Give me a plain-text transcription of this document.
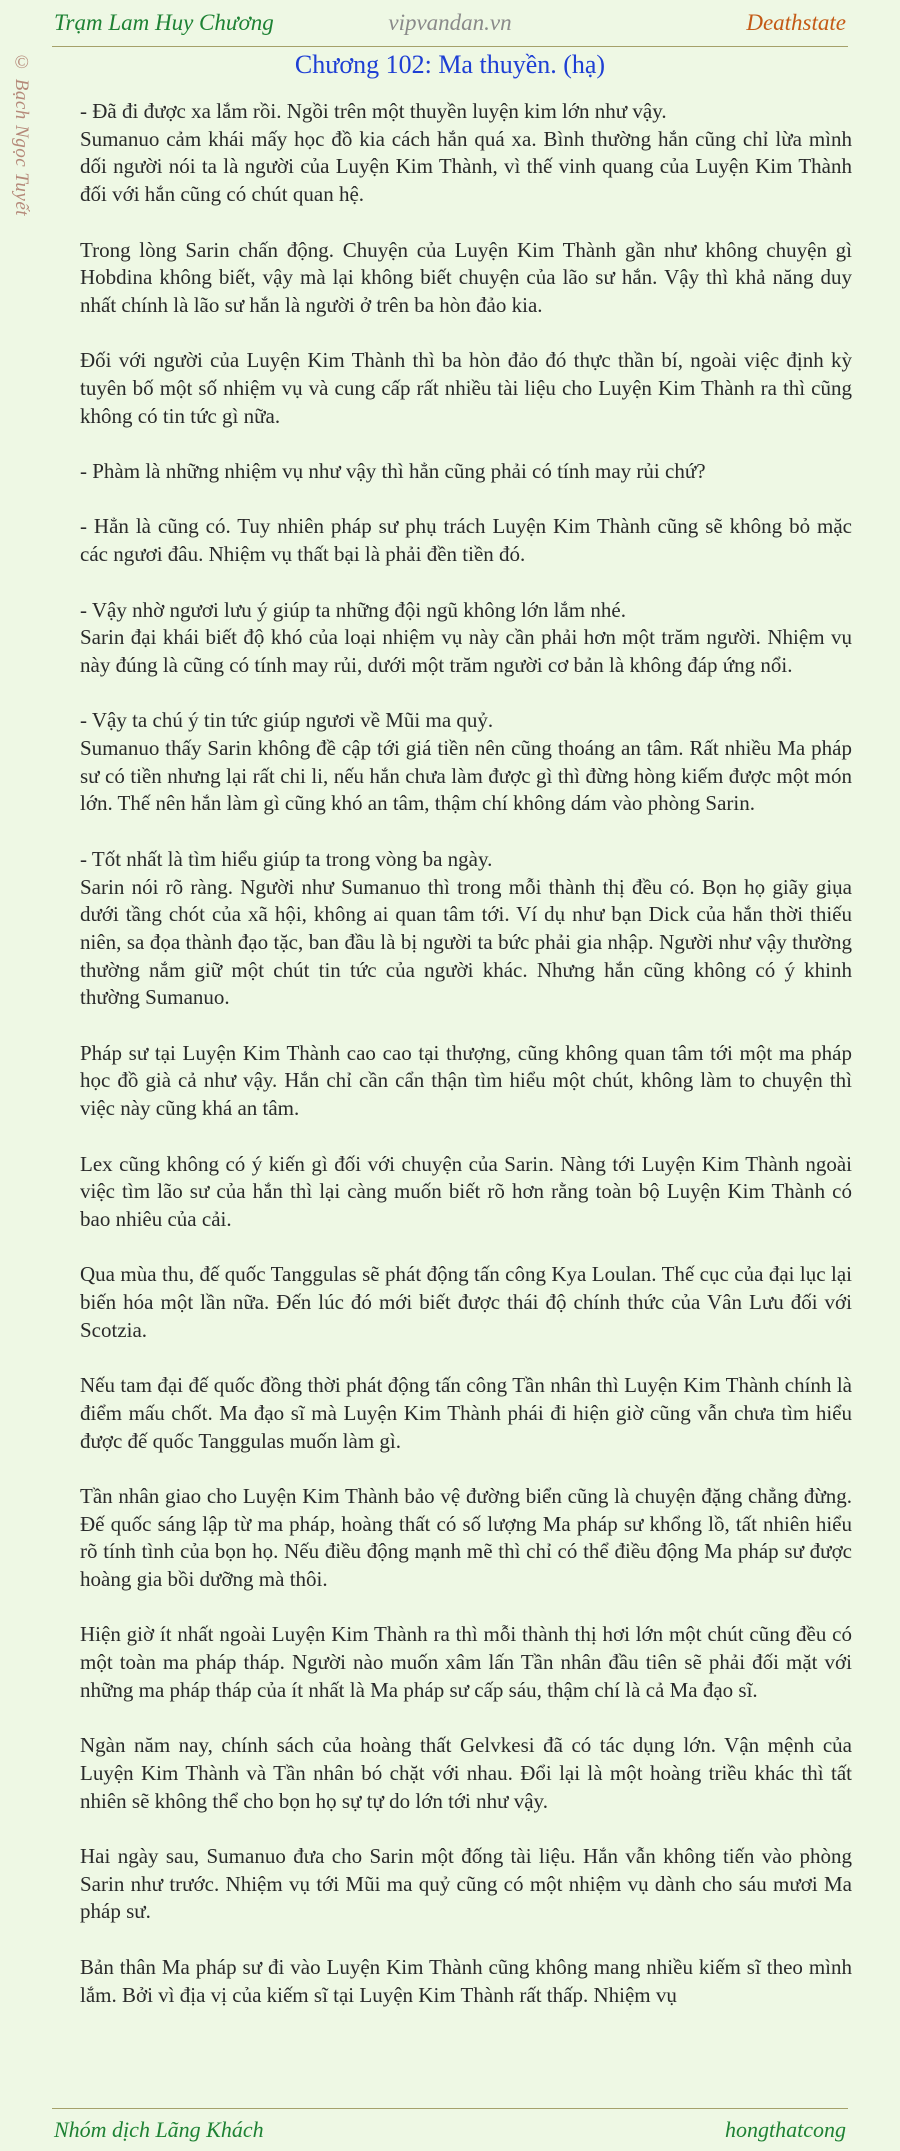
Trạm Lam Huy Chương	vipvandan.vn	Deathstate
© Bạch Ngọc Tuyết	Chương 102: Ma thuyền. (hạ)

- Đã đi được xa lắm rồi. Ngồi trên một thuyền luyện kim lớn như vậy.

Sumanuo cảm khái mấy học đồ kia cách hắn quá xa. Bình thường hắn cũng chỉ lừa mình dối người nói ta là người của Luyện Kim Thành, vì thế vinh quang của Luyện Kim Thành đối với hắn cũng có chút quan hệ.

Trong lòng Sarin chấn động. Chuyện của Luyện Kim Thành gần như không chuyện gì Hobdina không biết, vậy mà lại không biết chuyện của lão sư hắn. Vậy thì khả năng duy nhất chính là lão sư hắn là người ở trên ba hòn đảo kia.

Đối với người của Luyện Kim Thành thì ba hòn đảo đó thực thần bí, ngoài việc định kỳ tuyên bố một số nhiệm vụ và cung cấp rất nhiều tài liệu cho Luyện Kim Thành ra thì cũng không có tin tức gì nữa.

- Phàm là những nhiệm vụ như vậy thì hẳn cũng phải có tính may rủi chứ?

- Hẳn là cũng có. Tuy nhiên pháp sư phụ trách Luyện Kim Thành cũng sẽ không bỏ mặc các ngươi đâu. Nhiệm vụ thất bại là phải đền tiền đó.

- Vậy nhờ ngươi lưu ý giúp ta những đội ngũ không lớn lắm nhé.

Sarin đại khái biết độ khó của loại nhiệm vụ này cần phải hơn một trăm người. Nhiệm vụ này đúng là cũng có tính may rủi, dưới một trăm người cơ bản là không đáp ứng nổi.

- Vậy ta chú ý tin tức giúp ngươi về Mũi ma quỷ.

Sumanuo thấy Sarin không đề cập tới giá tiền nên cũng thoáng an tâm. Rất nhiều Ma pháp sư có tiền nhưng lại rất chi li, nếu hắn chưa làm được gì thì đừng hòng kiếm được một món lớn. Thế nên hắn làm gì cũng khó an tâm, thậm chí không dám vào phòng Sarin.

- Tốt nhất là tìm hiểu giúp ta trong vòng ba ngày.

Sarin nói rõ ràng. Người như Sumanuo thì trong mỗi thành thị đều có. Bọn họ giãy giụa dưới tầng chót của xã hội, không ai quan tâm tới. Ví dụ như bạn Dick của hắn thời thiếu niên, sa đọa thành đạo tặc, ban đầu là bị người ta bức phải gia nhập. Người như vậy thường thường nắm giữ một chút tin tức của người khác. Nhưng hắn cũng không có ý khinh thường Sumanuo.

Pháp sư tại Luyện Kim Thành cao cao tại thượng, cũng không quan tâm tới một ma pháp học đồ già cả như vậy. Hắn chỉ cần cẩn thận tìm hiểu một chút, không làm to chuyện thì việc này cũng khá an tâm.

Lex cũng không có ý kiến gì đối với chuyện của Sarin. Nàng tới Luyện Kim Thành ngoài việc tìm lão sư của hắn thì lại càng muốn biết rõ hơn rằng toàn bộ Luyện Kim Thành có bao nhiêu của cải.

Qua mùa thu, đế quốc Tanggulas sẽ phát động tấn công Kya Loulan. Thế cục của đại lục lại biến hóa một lần nữa. Đến lúc đó mới biết được thái độ chính thức của Vân Lưu đối với Scotzia.

Nếu tam đại đế quốc đồng thời phát động tấn công Tần nhân thì Luyện Kim Thành chính là điểm mấu chốt. Ma đạo sĩ mà Luyện Kim Thành phái đi hiện giờ cũng vẫn chưa tìm hiểu được đế quốc Tanggulas muốn làm gì.

Tần nhân giao cho Luyện Kim Thành bảo vệ đường biển cũng là chuyện đặng chẳng đừng. Đế quốc sáng lập từ ma pháp, hoàng thất có số lượng Ma pháp sư khổng lồ, tất nhiên hiểu rõ tính tình của bọn họ. Nếu điều động mạnh mẽ thì chỉ có thể điều động Ma pháp sư được hoàng gia bồi dưỡng mà thôi.

Hiện giờ ít nhất ngoài Luyện Kim Thành ra thì mỗi thành thị hơi lớn một chút cũng đều có một toàn ma pháp tháp. Người nào muốn xâm lấn Tần nhân đầu tiên sẽ phải đối mặt với những ma pháp tháp của ít nhất là Ma pháp sư cấp sáu, thậm chí là cả Ma đạo sĩ.

Ngàn năm nay, chính sách của hoàng thất Gelvkesi đã có tác dụng lớn. Vận mệnh của Luyện Kim Thành và Tần nhân bó chặt với nhau. Đổi lại là một hoàng triều khác thì tất nhiên sẽ không thể cho bọn họ sự tự do lớn tới như vậy.

Hai ngày sau, Sumanuo đưa cho Sarin một đống tài liệu. Hắn vẫn không tiến vào phòng Sarin như trước. Nhiệm vụ tới Mũi ma quỷ cũng có một nhiệm vụ dành cho sáu mươi Ma pháp sư.

Bản thân Ma pháp sư đi vào Luyện Kim Thành cũng không mang nhiều kiếm sĩ theo mình lắm. Bởi vì địa vị của kiếm sĩ tại Luyện Kim Thành rất thấp. Nhiệm vụ

Nhóm dịch Lãng Khách	hongthatcong
